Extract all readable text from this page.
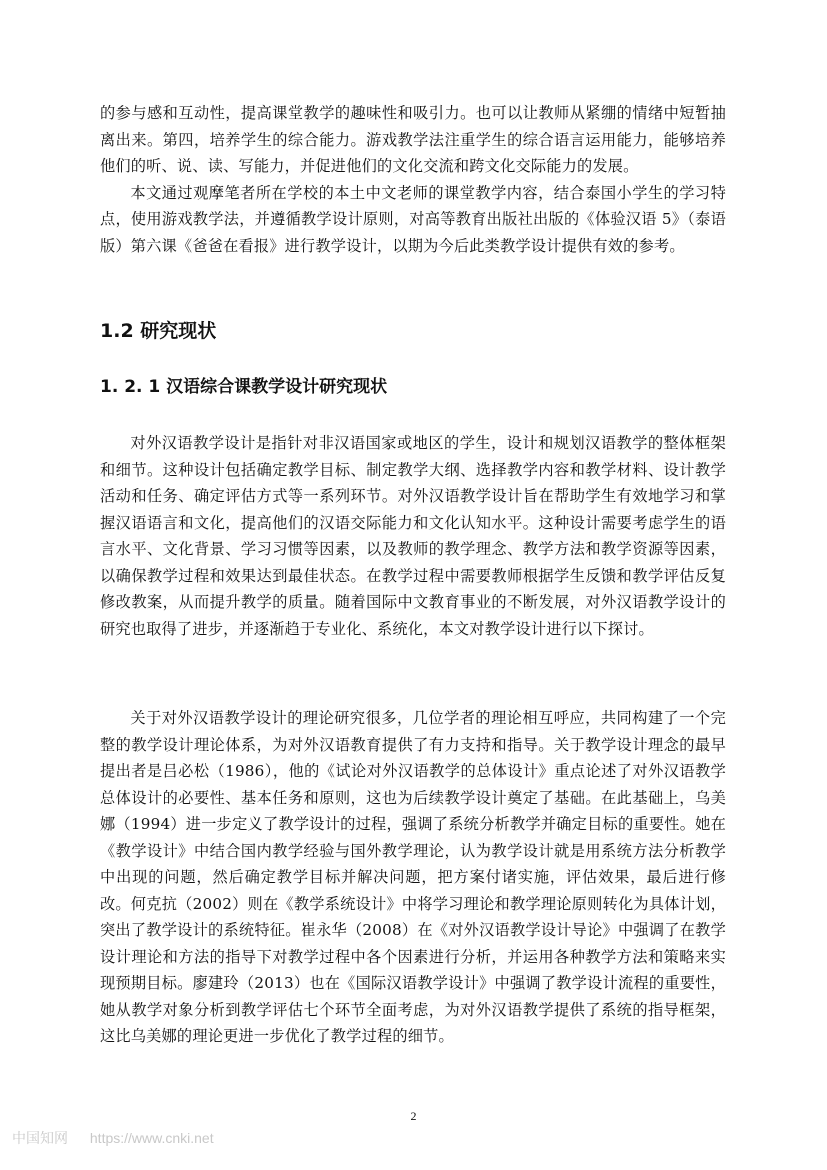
的参与感和互动性，提高课堂教学的趣味性和吸引力。也可以让教师从紧绷的情绪中短暂抽离出来。第四，培养学生的综合能力。游戏教学法注重学生的综合语言运用能力，能够培养他们的听、说、读、写能力，并促进他们的文化交流和跨文化交际能力的发展。

本文通过观摩笔者所在学校的本土中文老师的课堂教学内容，结合泰国小学生的学习特点，使用游戏教学法，并遵循教学设计原则，对高等教育出版社出版的《体验汉语 5》（泰语版）第六课《爸爸在看报》进行教学设计，以期为今后此类教学设计提供有效的参考。

1.2 研究现状
1. 2. 1 汉语综合课教学设计研究现状

对外汉语教学设计是指针对非汉语国家或地区的学生，设计和规划汉语教学的整体框架和细节。这种设计包括确定教学目标、制定教学大纲、选择教学内容和教学材料、设计教学活动和任务、确定评估方式等一系列环节。对外汉语教学设计旨在帮助学生有效地学习和掌握汉语语言和文化，提高他们的汉语交际能力和文化认知水平。这种设计需要考虑学生的语言水平、文化背景、学习习惯等因素，以及教师的教学理念、教学方法和教学资源等因素，以确保教学过程和效果达到最佳状态。在教学过程中需要教师根据学生反馈和教学评估反复修改教案，从而提升教学的质量。随着国际中文教育事业的不断发展，对外汉语教学设计的研究也取得了进步，并逐渐趋于专业化、系统化，本文对教学设计进行以下探讨。

关于对外汉语教学设计的理论研究很多，几位学者的理论相互呼应，共同构建了一个完整的教学设计理论体系，为对外汉语教育提供了有力支持和指导。关于教学设计理念的最早提出者是吕必松（1986），他的《试论对外汉语教学的总体设计》重点论述了对外汉语教学总体设计的必要性、基本任务和原则，这也为后续教学设计奠定了基础。在此基础上，乌美娜（1994）进一步定义了教学设计的过程，强调了系统分析教学并确定目标的重要性。她在《教学设计》中结合国内教学经验与国外教学理论，认为教学设计就是用系统方法分析教学中出现的问题，然后确定教学目标并解决问题，把方案付诸实施，评估效果，最后进行修改。何克抗（2002）则在《教学系统设计》中将学习理论和教学理论原则转化为具体计划，突出了教学设计的系统特征。崔永华（2008）在《对外汉语教学设计导论》中强调了在教学设计理论和方法的指导下对教学过程中各个因素进行分析，并运用各种教学方法和策略来实现预期目标。廖建玲（2013）也在《国际汉语教学设计》中强调了教学设计流程的重要性，她从教学对象分析到教学评估七个环节全面考虑，为对外汉语教学提供了系统的指导框架，这比乌美娜的理论更进一步优化了教学过程的细节。

2
中国知网 https://www.cnki.net
